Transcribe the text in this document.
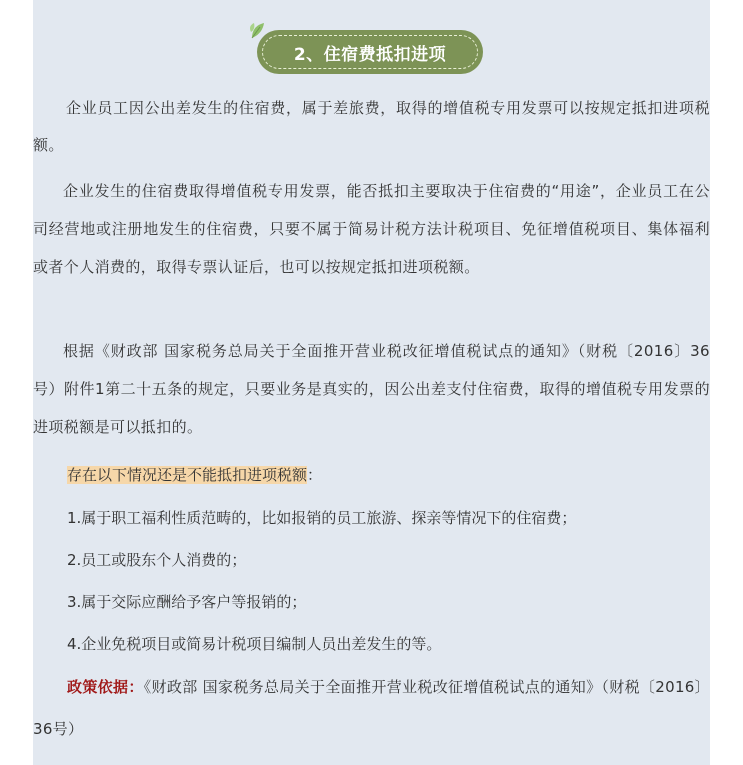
2、住宿费抵扣进项

企业员工因公出差发生的住宿费，属于差旅费，取得的增值税专用发票可以按规定抵扣进项税额。

企业发生的住宿费取得增值税专用发票，能否抵扣主要取决于住宿费的“用途”，企业员工在公司经营地或注册地发生的住宿费，只要不属于简易计税方法计税项目、免征增值税项目、集体福利或者个人消费的，取得专票认证后，也可以按规定抵扣进项税额。

根据《财政部 国家税务总局关于全面推开营业税改征增值税试点的通知》（财税〔2016〕36号）附件1第二十五条的规定，只要业务是真实的，因公出差支付住宿费，取得的增值税专用发票的进项税额是可以抵扣的。

存在以下情况还是不能抵扣进项税额：

1.属于职工福利性质范畴的，比如报销的员工旅游、探亲等情况下的住宿费；

2.员工或股东个人消费的；

3.属于交际应酬给予客户等报销的；

4.企业免税项目或简易计税项目编制人员出差发生的等。

政策依据：《财政部 国家税务总局关于全面推开营业税改征增值税试点的通知》（财税〔2016〕36号）
